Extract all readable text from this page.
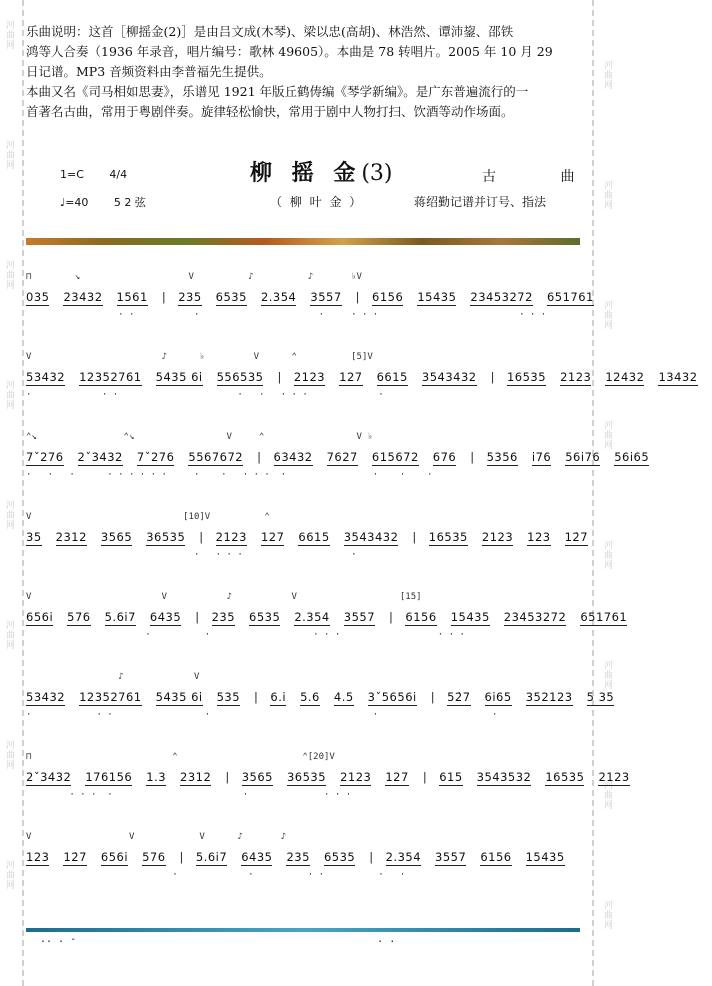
河曲网
河曲网
河曲网
河曲网
河曲网
河曲网
河曲网
河曲网
河曲网
河曲网
河曲网
河曲网
河曲网
河曲网
河曲网
河曲网

乐曲说明：这首［柳摇金(2)］是由吕文成(木琴)、梁以忠(高胡)、林浩然、谭沛鋆、邵铁

鸿等人合奏（1936 年录音，唱片编号：歌林 49605）。本曲是 78 转唱片。2005 年 10 月 29

日记谱。MP3 音频资料由李普福先生提供。

本曲又名《司马相如思妻》，乐谱见 1921 年版丘鹤俦编《琴学新编》。是广东普遍流行的一

首著名古曲，常用于粤剧伴奏。旋律轻松愉快，常用于剧中人物打扫、饮酒等动作场面。

1=C 4/4
♩=40 5 2 弦
柳 摇 金(3)
（ 柳 叶 金 ）
古 曲
蒋绍勤记谱并订号、指法
⊓        ↘                    V          ♪          ♪       ♭V
035 23432 1561 | 235 6535 2.354 3557 | 6156 15435 23453272 651761
· ·           ·                      ·     · · ·                          · · ·
V                        ♪      ♭         V      ⌃          [5]V
53432 12352761 5435 6i 556535 | 2123 127 6615 3543432 | 16535 2123 12432 13432
·             · ·                      ·   ·   · · ·             ·
⌃↘                ⌃↘                 V     ⌃                 V ♭
7ˇ276 2ˇ3432 7ˇ276 5567672 | 63432 7627 615672 676 | 5356 i76 56i76 56i65
·   ·   ·      · · · · · ·     ·    ·   · · ·  ·                ·    ·    ·
V                            [10]V          ⌃
35 2312 3565 36535 | 2123 127 6615 3543432 | 16535 2123 123 12̇7
·   · · ·                    ·
V                        V           ♪           V                   [15]
656i 576 5.6i7 6435 | 235 6535 2.354 3557 | 6156 15435 23453272 651761
·          ·                   · · ·                  · · ·
♪             V
53432 12352761 5435 6i 535 | 6.i 5.6 4.5 3ˇ5656i | 52̇7 6i65 352123 5 35
·            · ·                 ·                              ·                     ·
⊓                          ⌃                       ⌃[20]V
2ˇ3432 176156 1.3 2312 | 3565 36535 2123 127 | 615 3543532 16535 2123
· · ·  ·                        ·              · · ·
V                  V            V      ♪       ♪
123 12̇7 656i 576 | 5.6i7 6435 235 6535 | 2.354 3557 6156 15435
·             ·          · ·          ·   ·
.. . -                                                  . .
